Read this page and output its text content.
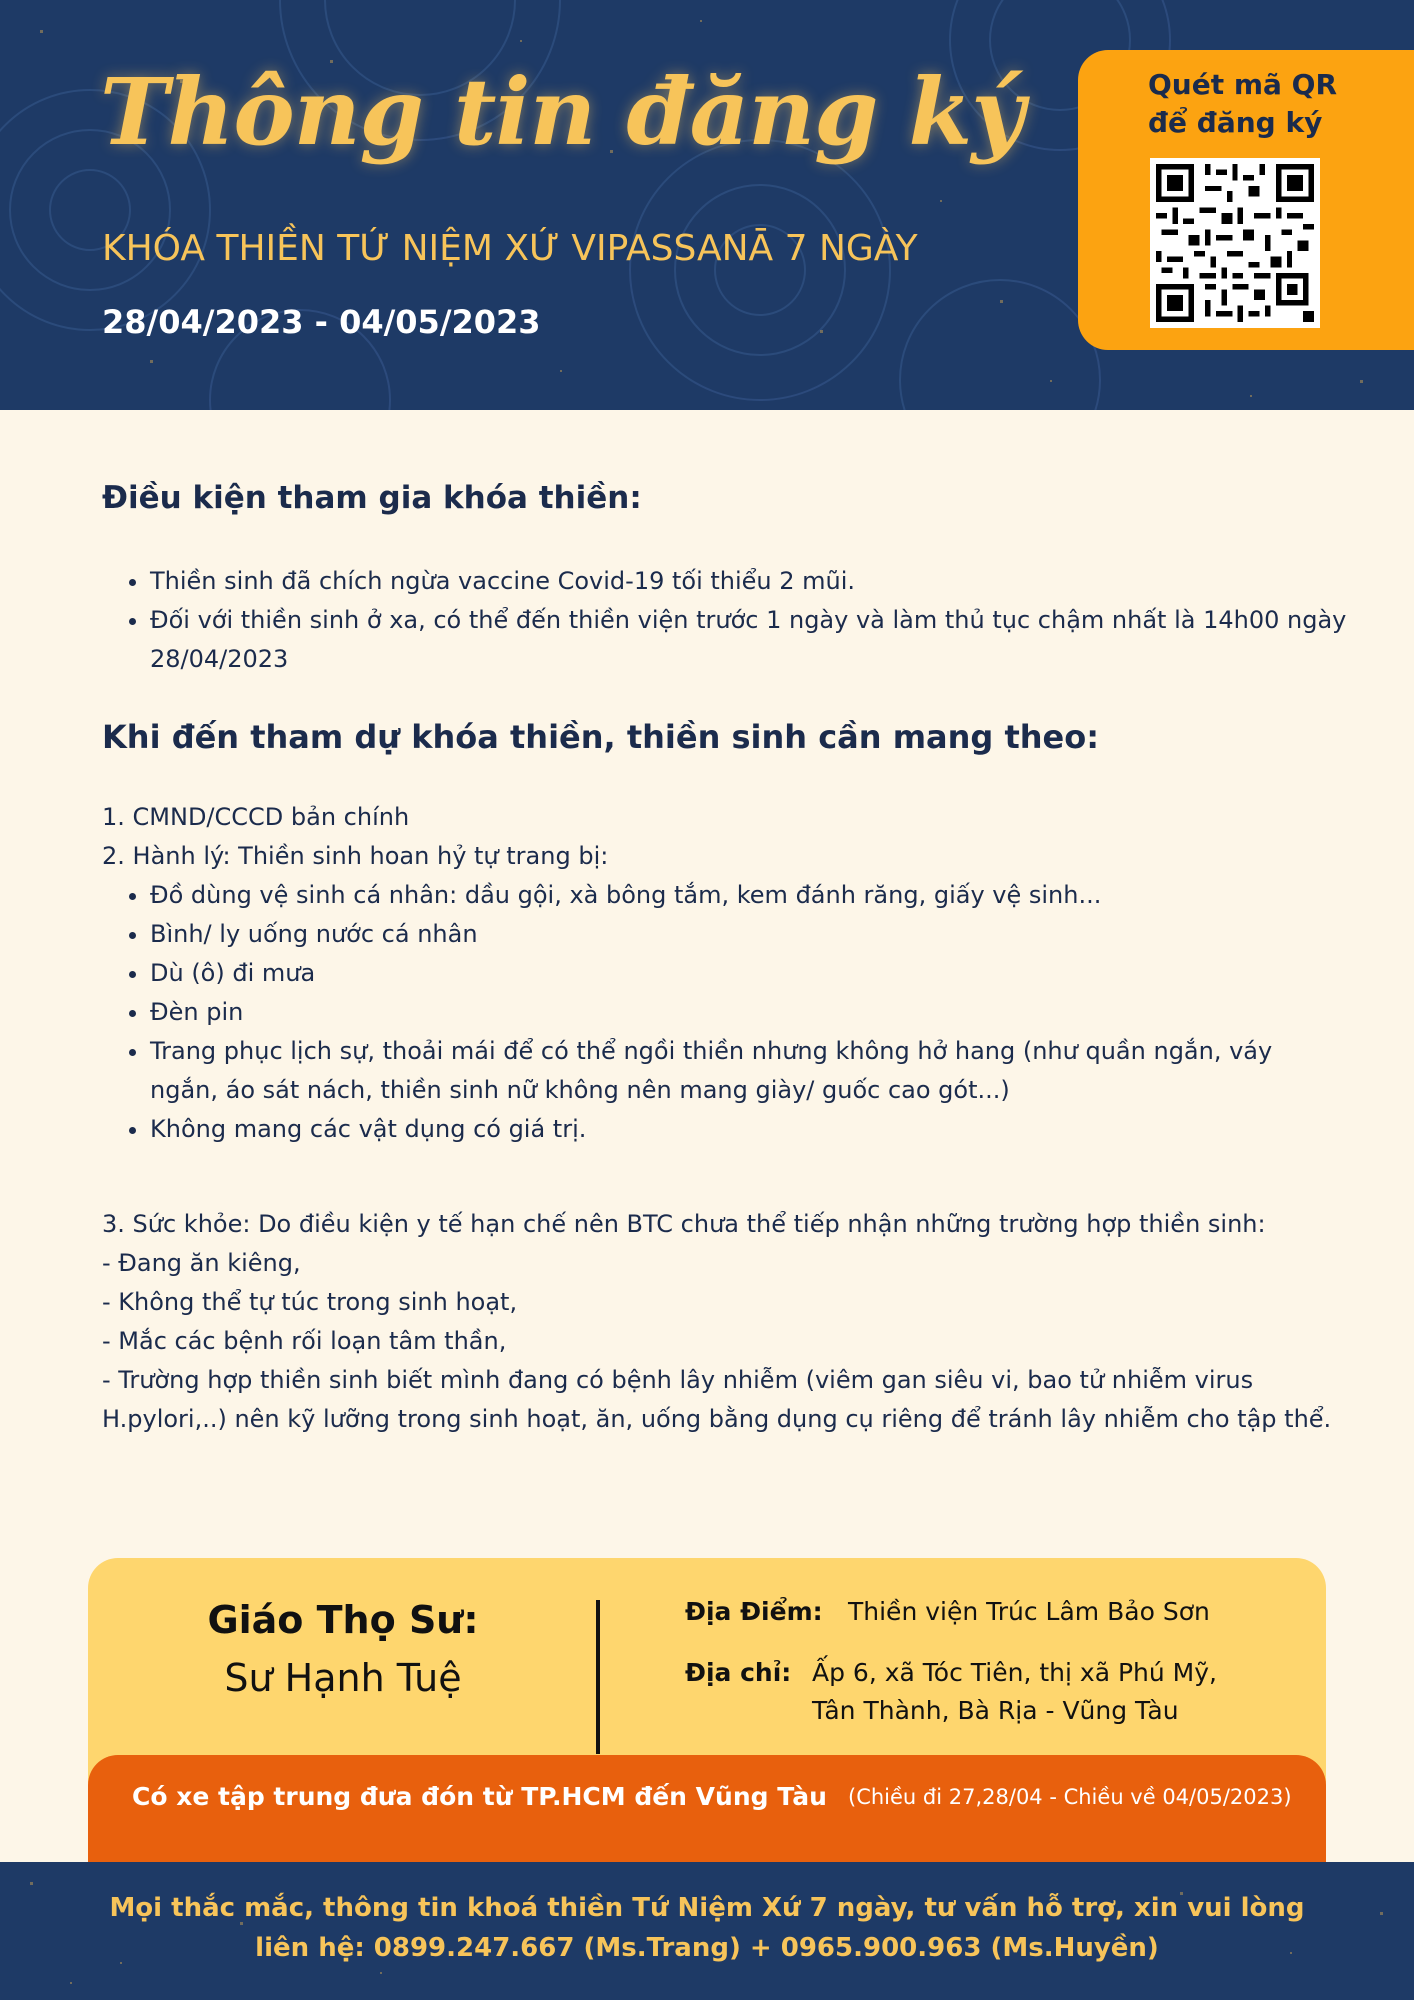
Thông tin đăng ký
KHÓA THIỀN TỨ NIỆM XỨ VIPASSANĀ 7 NGÀY
28/04/2023 - 04/05/2023
Quét mã QR
để đăng ký
Điều kiện tham gia khóa thiền:
• Thiền sinh đã chích ngừa vaccine Covid-19 tối thiểu 2 mũi.
• Đối với thiền sinh ở xa, có thể đến thiền viện trước 1 ngày và làm thủ tục chậm nhất là 14h00 ngày 28/04/2023
Khi đến tham dự khóa thiền, thiền sinh cần mang theo:

1. CMND/CCCD bản chính

2. Hành lý: Thiền sinh hoan hỷ tự trang bị:

• Đồ dùng vệ sinh cá nhân: dầu gội, xà bông tắm, kem đánh răng, giấy vệ sinh...
• Bình/ ly uống nước cá nhân
• Dù (ô) đi mưa
• Đèn pin
• Trang phục lịch sự, thoải mái để có thể ngồi thiền nhưng không hở hang (như quần ngắn, váy ngắn, áo sát nách, thiền sinh nữ không nên mang giày/ guốc cao gót...)
• Không mang các vật dụng có giá trị.

3. Sức khỏe: Do điều kiện y tế hạn chế nên BTC chưa thể tiếp nhận những trường hợp thiền sinh:

- Đang ăn kiêng,

- Không thể tự túc trong sinh hoạt,

- Mắc các bệnh rối loạn tâm thần,

- Trường hợp thiền sinh biết mình đang có bệnh lây nhiễm (viêm gan siêu vi, bao tử nhiễm virus H.pylori,..) nên kỹ lưỡng trong sinh hoạt, ăn, uống bằng dụng cụ riêng để tránh lây nhiễm cho tập thể.

Giáo Thọ Sư:
Sư Hạnh Tuệ
Địa Điểm: Thiền viện Trúc Lâm Bảo Sơn
Địa chỉ: Ấp 6, xã Tóc Tiên, thị xã Phú Mỹ,
Tân Thành, Bà Rịa - Vũng Tàu
Có xe tập trung đưa đón từ TP.HCM đến Vũng Tàu (Chiều đi 27,28/04 - Chiều về 04/05/2023)
Mọi thắc mắc, thông tin khoá thiền Tứ Niệm Xứ 7 ngày, tư vấn hỗ trợ, xin vui lòng
liên hệ: 0899.247.667 (Ms.Trang) + 0965.900.963 (Ms.Huyền)
